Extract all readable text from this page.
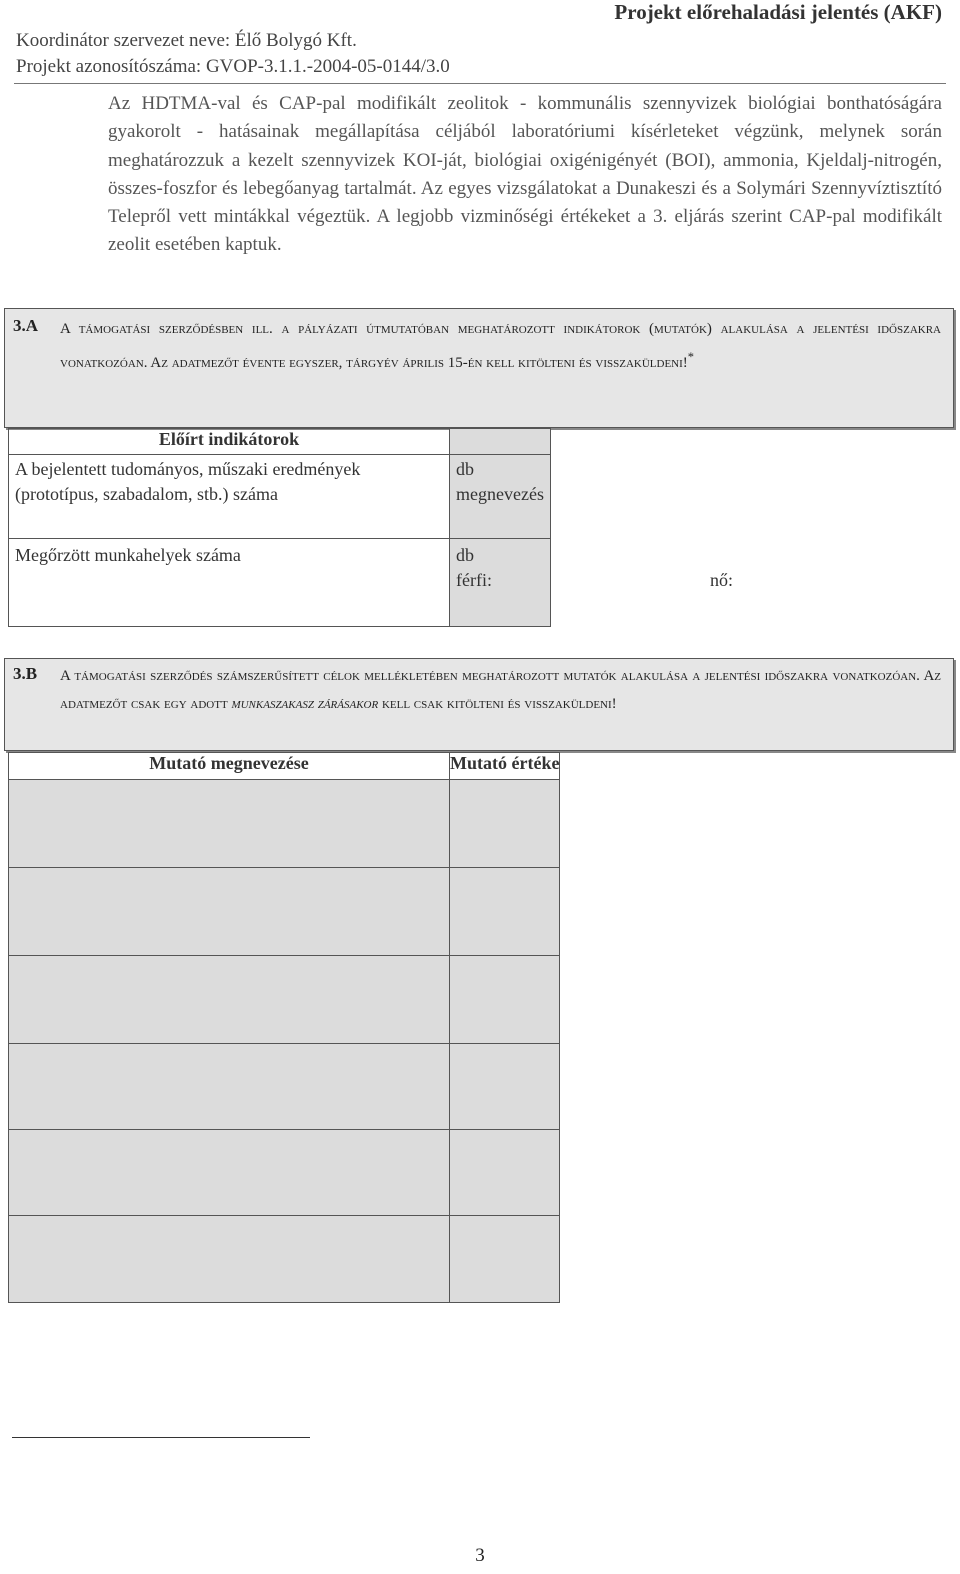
Projekt előrehaladási jelentés (AKF)
Koordinátor szervezet neve: Élő Bolygó Kft.
Projekt azonosítószáma: GVOP-3.1.1.-2004-05-0144/3.0
Az HDTMA-val és CAP-pal modifikált zeolitok - kommunális szennyvizek biológiai bonthatóságára gyakorolt - hatásainak megállapítása céljából laboratóriumi kísérleteket végzünk, melynek során meghatározzuk a kezelt szennyvizek KOI-ját, biológiai oxigénigényét (BOI), ammonia, Kjeldalj-nitrogén, összes-foszfor és lebegőanyag tartalmát. Az egyes vizsgálatokat a Dunakeszi és a Solymári Szennyvíztisztító Telepről vett mintákkal végeztük. A legjobb vizminőségi értékeket a 3. eljárás szerint CAP-pal modifikált zeolit esetében kaptuk.
3.A A támogatási szerződésben ill. a pályázati útmutatóban meghatározott indikátorok (mutatók) alakulása a jelentési időszakra vonatkozóan. Az adatmezőt évente egyszer, tárgyév április 15-én kell kitölteni és visszaküldeni!*
Előírt indikátorok	
A bejelentett tudományos, műszaki eredmények (prototípus, szabadalom, stb.) száma	db
megnevezés

Megőrzött munkahelyek száma	db
férfi: nő:
3.B A támogatási szerződés számszerűsített célok mellékletében meghatározott mutatók alakulása a jelentési időszakra vonatkozóan. Az adatmezőt csak egy adott munkaszakasz zárásakor kell csak kitölteni és visszaküldeni!
Mutató megnevezése	Mutató értéke

3
